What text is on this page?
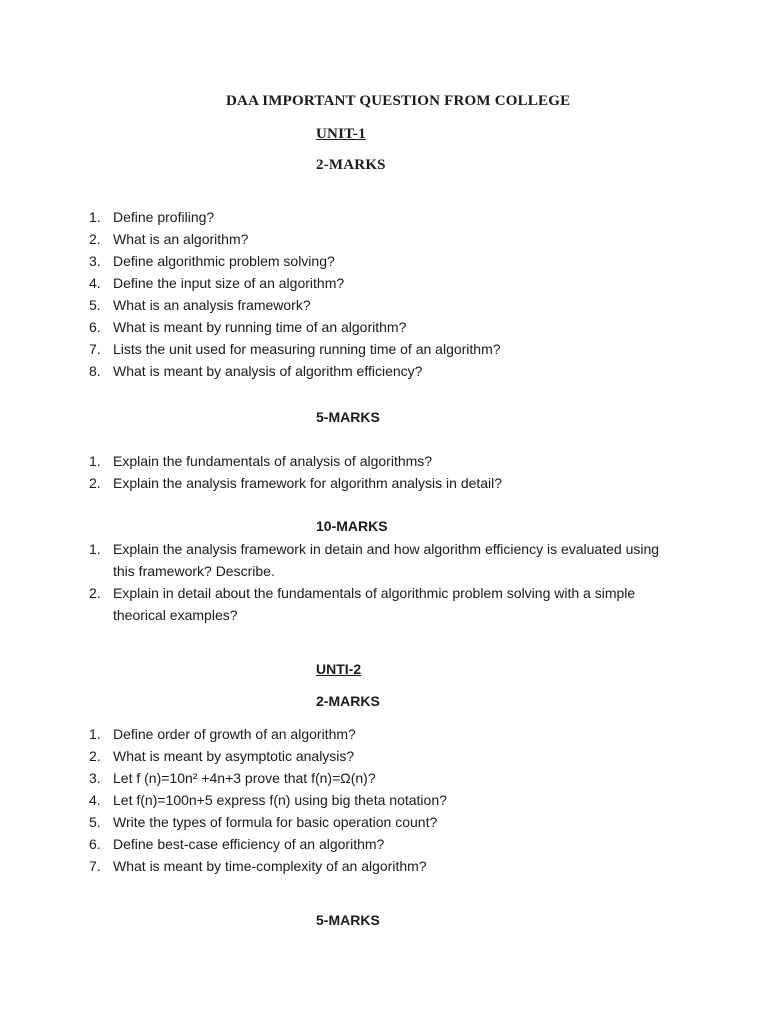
DAA IMPORTANT QUESTION FROM COLLEGE
UNIT-1
2-MARKS
1. Define profiling?
2. What is an algorithm?
3. Define algorithmic problem solving?
4. Define the input size of an algorithm?
5. What is an analysis framework?
6. What is meant by running time of an algorithm?
7. Lists the unit used for measuring running time of an algorithm?
8. What is meant by analysis of algorithm efficiency?
5-MARKS
1. Explain the fundamentals of analysis of algorithms?
2. Explain the analysis framework for algorithm analysis in detail?
10-MARKS
1. Explain the analysis framework in detain and how algorithm efficiency is evaluated using this framework? Describe.
2. Explain in detail about the fundamentals of algorithmic problem solving with a simple theorical examples?
UNTI-2
2-MARKS
1. Define order of growth of an algorithm?
2. What is meant by asymptotic analysis?
3. Let f (n)=10n² +4n+3 prove that f(n)=Ω(n)?
4. Let f(n)=100n+5 express f(n) using big theta notation?
5. Write the types of formula for basic operation count?
6. Define best-case efficiency of an algorithm?
7. What is meant by time-complexity of an algorithm?
5-MARKS
